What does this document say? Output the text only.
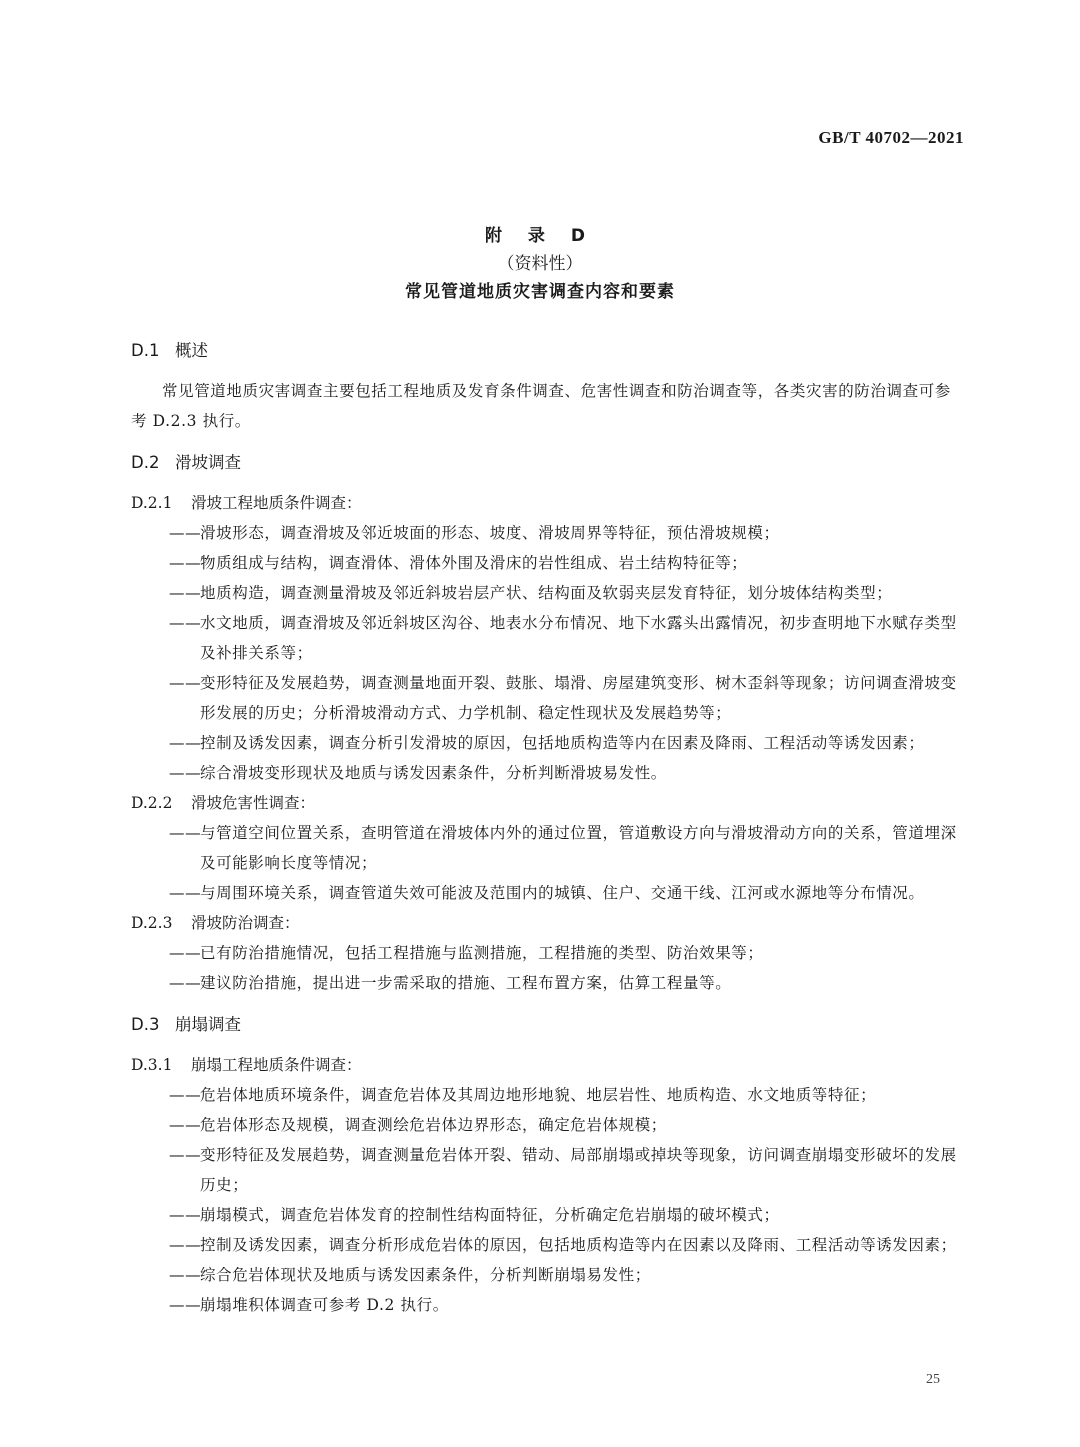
GB/T 40702—2021
附 录 D
（资料性）
常见管道地质灾害调查内容和要素
D.1 概述

常见管道地质灾害调查主要包括工程地质及发育条件调查、危害性调查和防治调查等，各类灾害的防治调查可参考 D.2.3 执行。

D.2 滑坡调查
D.2.1 滑坡工程地质条件调查：
——
滑坡形态，调查滑坡及邻近坡面的形态、坡度、滑坡周界等特征，预估滑坡规模；
——
物质组成与结构，调查滑体、滑体外围及滑床的岩性组成、岩土结构特征等；
——
地质构造，调查测量滑坡及邻近斜坡岩层产状、结构面及软弱夹层发育特征，划分坡体结构类型；
——
水文地质，调查滑坡及邻近斜坡区沟谷、地表水分布情况、地下水露头出露情况，初步查明地下水赋存类型及补排关系等；
——
变形特征及发展趋势，调查测量地面开裂、鼓胀、塌滑、房屋建筑变形、树木歪斜等现象；访问调查滑坡变形发展的历史；分析滑坡滑动方式、力学机制、稳定性现状及发展趋势等；
——
控制及诱发因素，调查分析引发滑坡的原因，包括地质构造等内在因素及降雨、工程活动等诱发因素；
——
综合滑坡变形现状及地质与诱发因素条件，分析判断滑坡易发性。
D.2.2 滑坡危害性调查：
——
与管道空间位置关系，查明管道在滑坡体内外的通过位置，管道敷设方向与滑坡滑动方向的关系，管道埋深及可能影响长度等情况；
——
与周围环境关系，调查管道失效可能波及范围内的城镇、住户、交通干线、江河或水源地等分布情况。
D.2.3 滑坡防治调查：
——
已有防治措施情况，包括工程措施与监测措施，工程措施的类型、防治效果等；
——
建议防治措施，提出进一步需采取的措施、工程布置方案，估算工程量等。
D.3 崩塌调查
D.3.1 崩塌工程地质条件调查：
——
危岩体地质环境条件，调查危岩体及其周边地形地貌、地层岩性、地质构造、水文地质等特征；
——
危岩体形态及规模，调查测绘危岩体边界形态，确定危岩体规模；
——
变形特征及发展趋势，调查测量危岩体开裂、错动、局部崩塌或掉块等现象，访问调查崩塌变形破坏的发展历史；
——
崩塌模式，调查危岩体发育的控制性结构面特征，分析确定危岩崩塌的破坏模式；
——
控制及诱发因素，调查分析形成危岩体的原因，包括地质构造等内在因素以及降雨、工程活动等诱发因素；
——
综合危岩体现状及地质与诱发因素条件，分析判断崩塌易发性；
——
崩塌堆积体调查可参考 D.2 执行。
25
